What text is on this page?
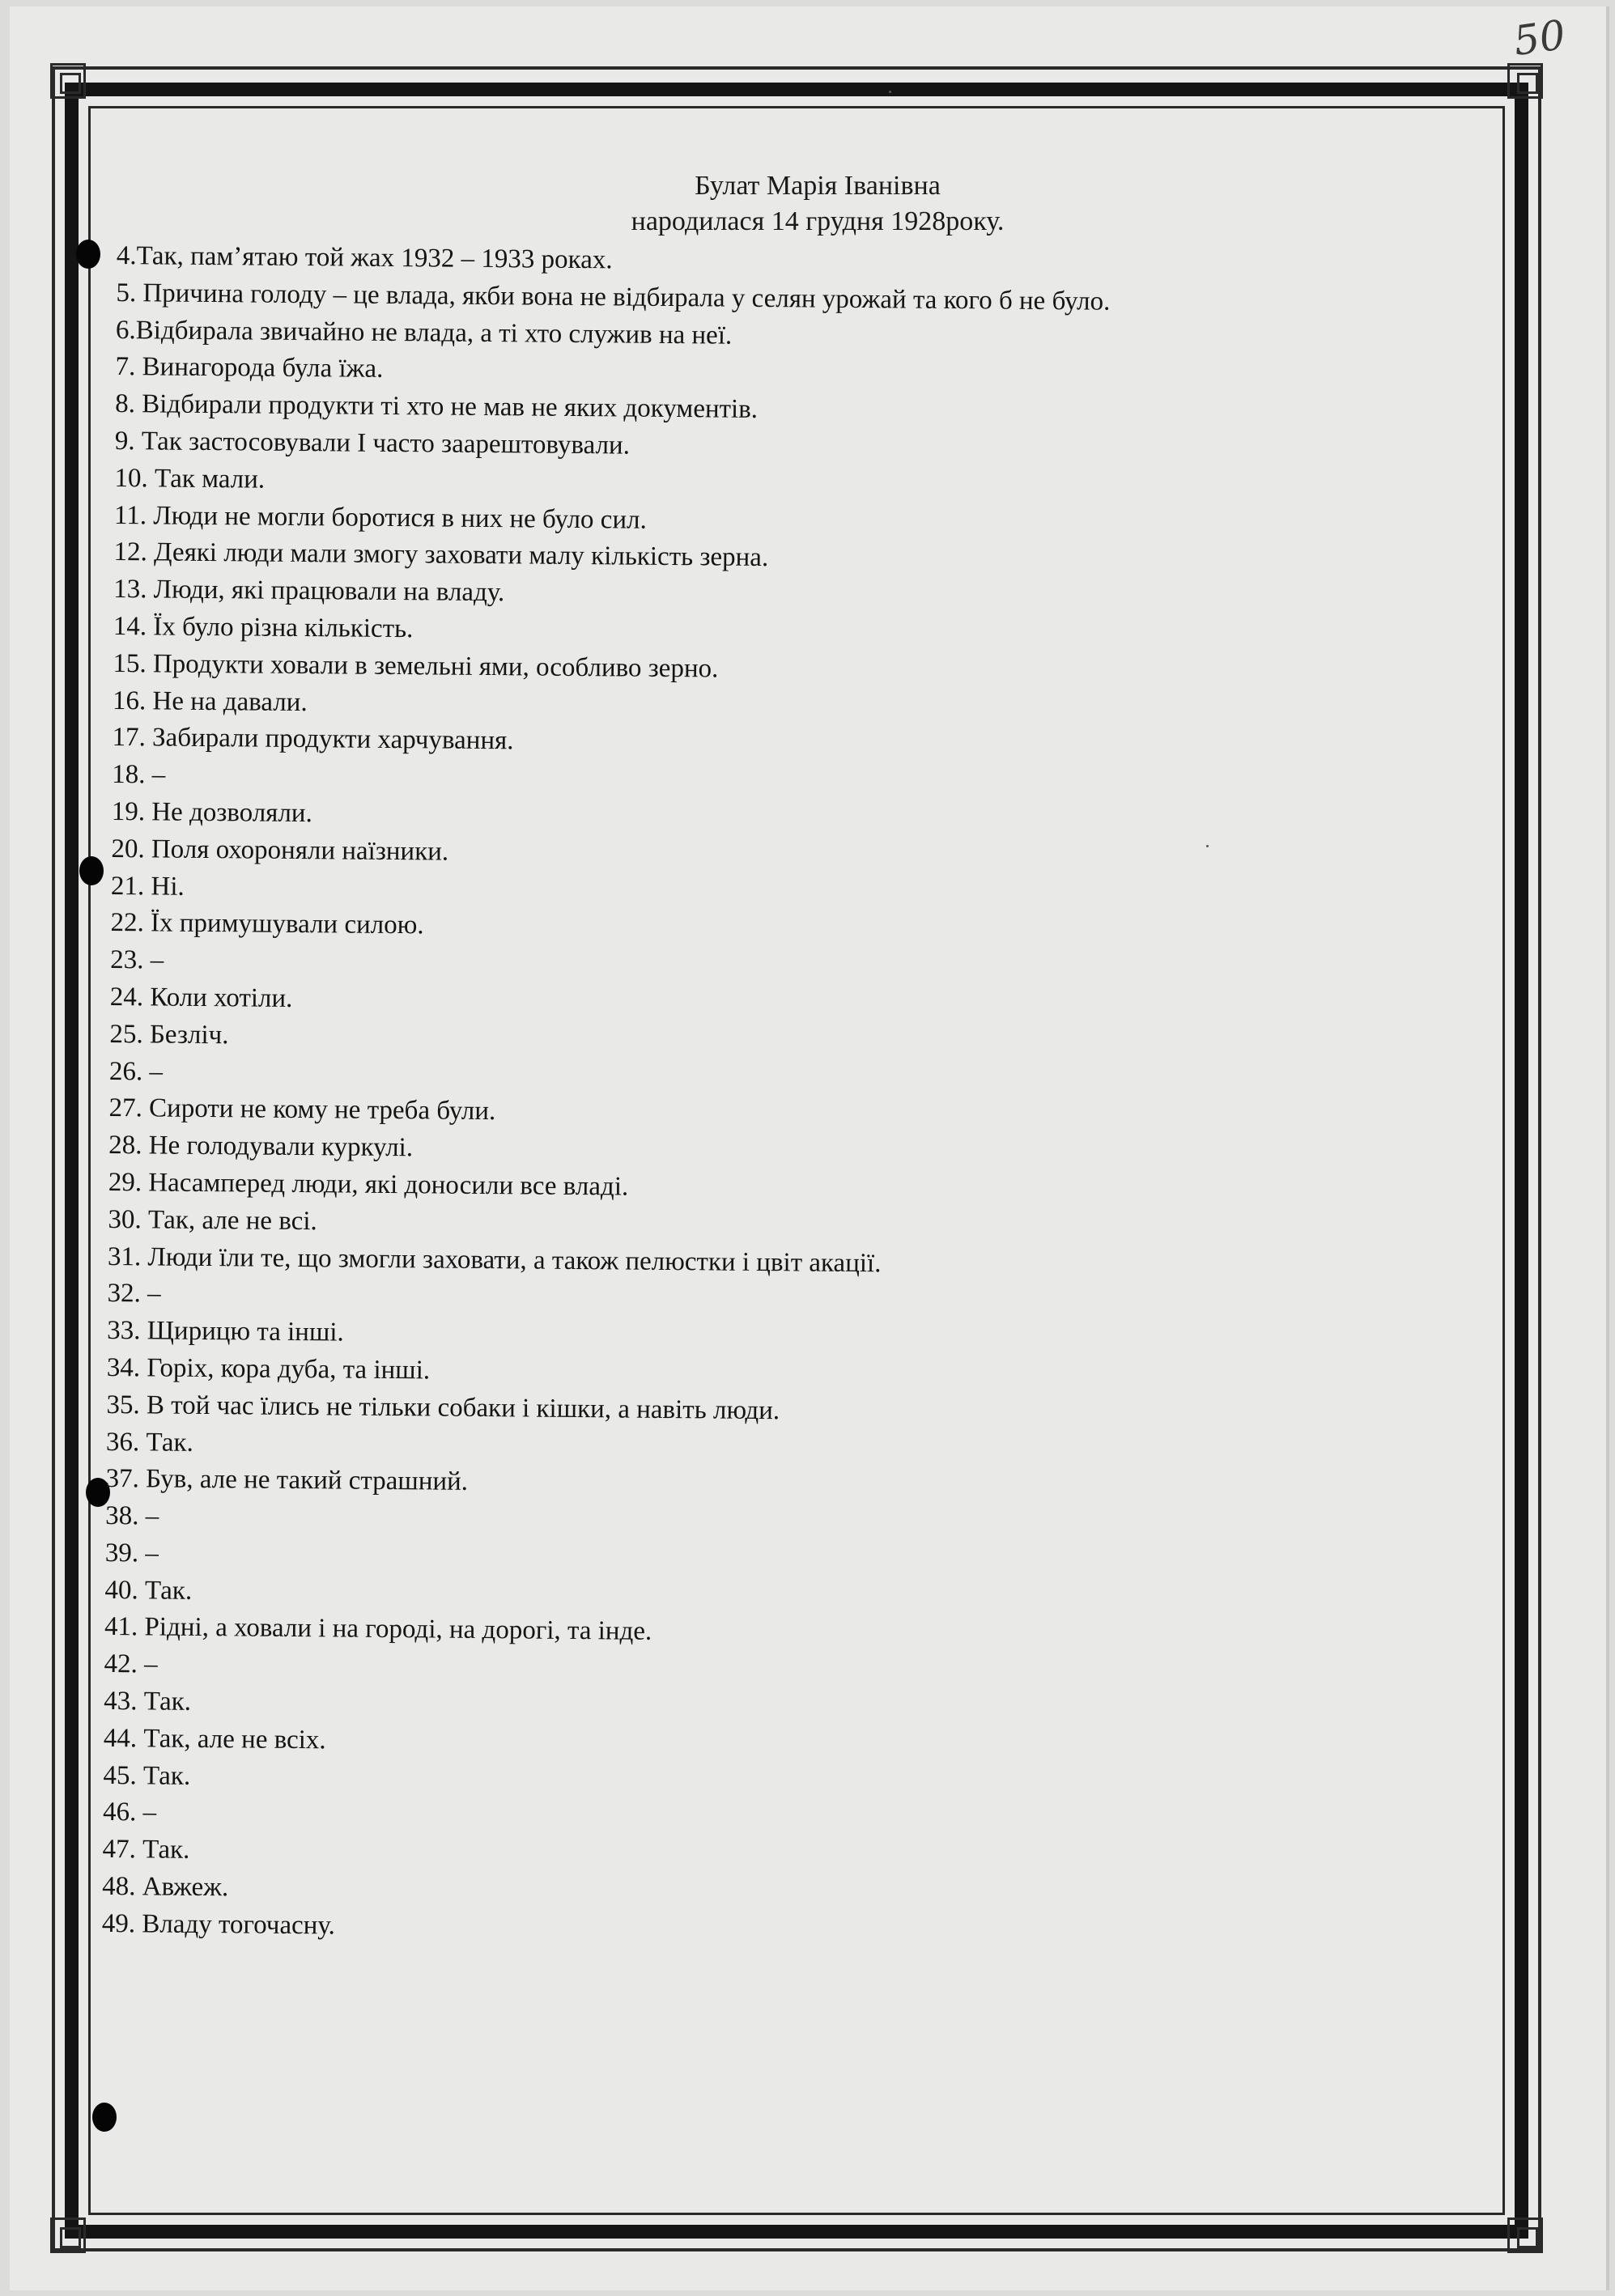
50
Булат Марія Іванівна

народилася 14 грудня 1928року.
4.Так, пам’ятаю той жах 1932 – 1933 роках.
5. Причина голоду – це влада, якби вона не відбирала у селян урожай та кого б не було.
6.Відбирала звичайно не влада, а ті хто служив на неї.
7. Винагорода була їжа.
8. Відбирали продукти ті хто не мав не яких документів.
9. Так застосовували І часто заарештовували.
10. Так мали.
11. Люди не могли боротися в них не було сил.
12. Деякі люди мали змогу заховати малу кількість зерна.
13. Люди, які працювали на владу.
14. Їх було різна кількість.
15. Продукти ховали в земельні ями, особливо зерно.
16. Не на давали.
17. Забирали продукти харчування.
18. –
19. Не дозволяли.
20. Поля охороняли наїзники.
21. Ні.
22. Їх примушували силою.
23. –
24. Коли хотіли.
25. Безліч.
26. –
27. Сироти не кому не треба були.
28. Не голодували куркулі.
29. Насамперед люди, які доносили все владі.
30. Так, але не всі.
31. Люди їли те, що змогли заховати, а також пелюстки і цвіт акації.
32. –
33. Щирицю та інші.
34. Горіх, кора дуба, та інші.
35. В той час їлись не тільки собаки і кішки, а навіть люди.
36. Так.
37. Був, але не такий страшний.
38. –
39. –
40. Так.
41. Рідні, а ховали і на городі, на дорогі, та інде.
42. –
43. Так.
44. Так, але не всіх.
45. Так.
46. –
47. Так.
48. Авжеж.
49. Владу тогочасну.
